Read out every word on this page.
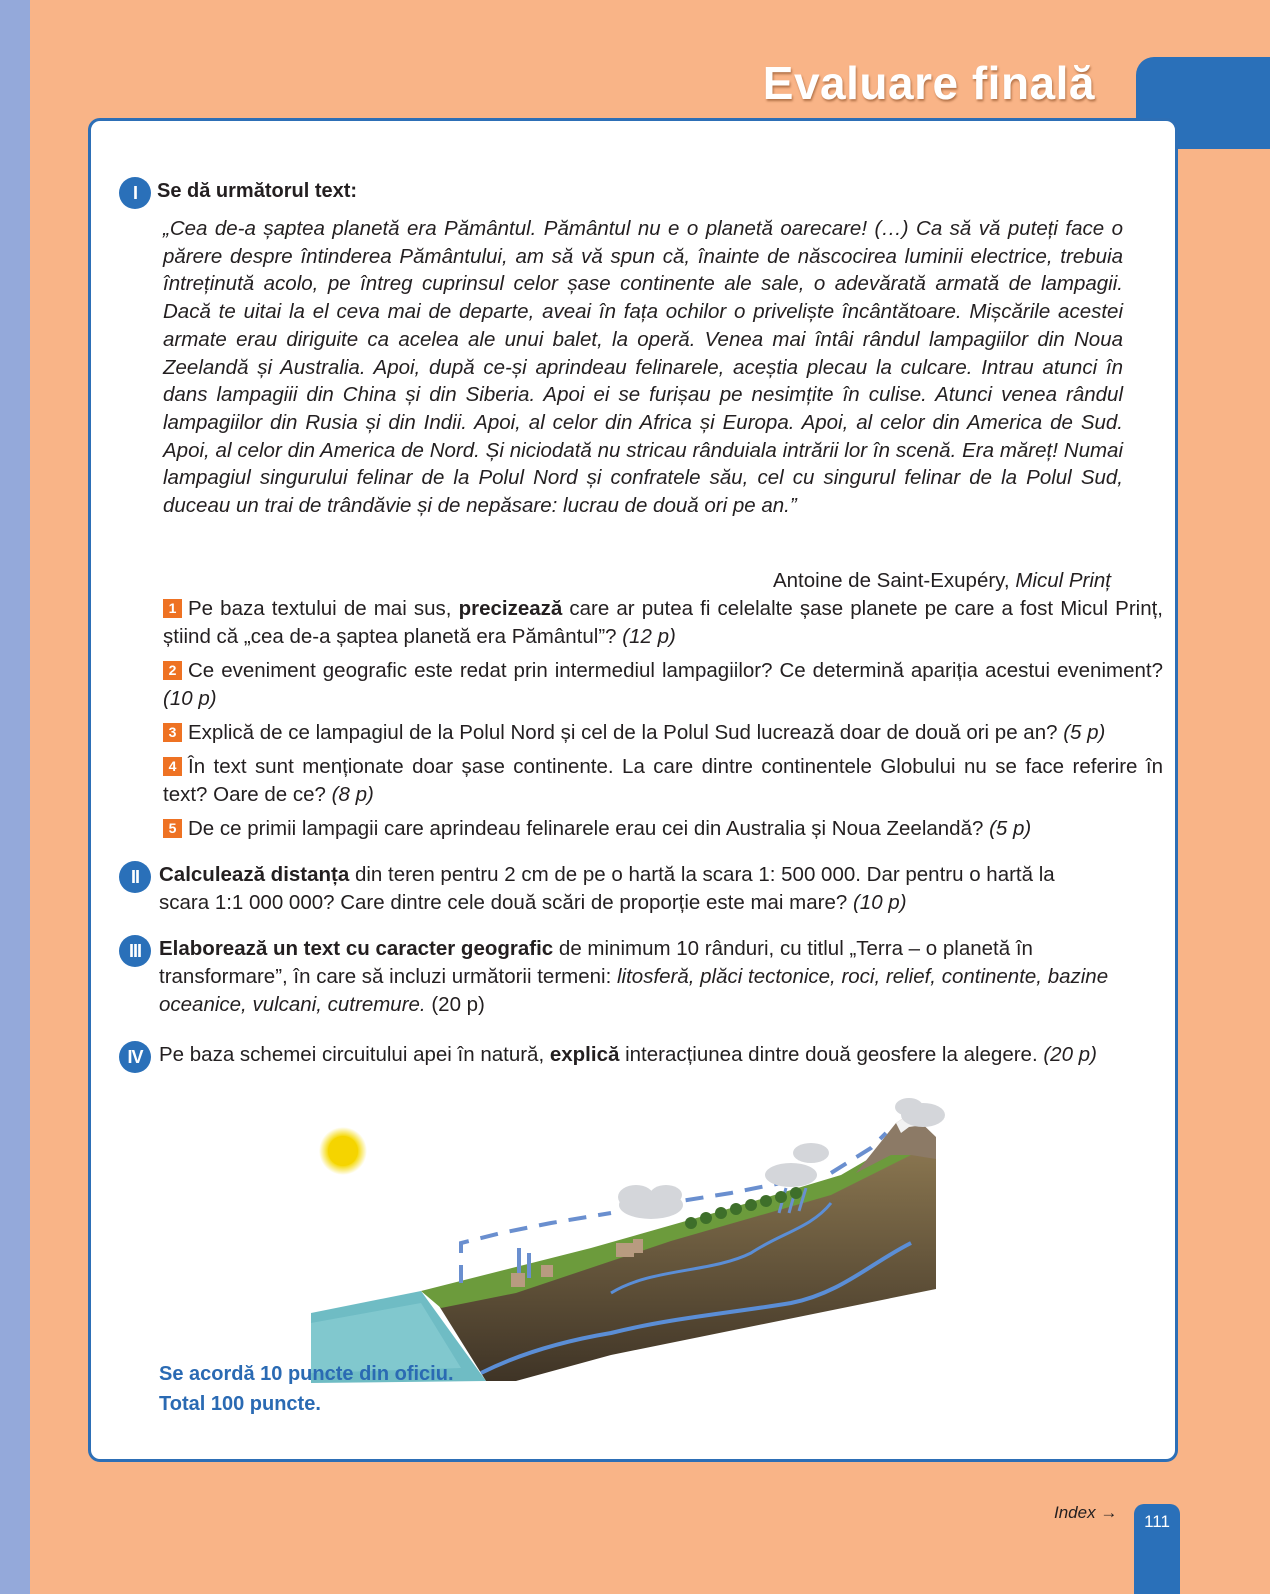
Evaluare finală
I	Se dă următorul text:

„Cea de-a șaptea planetă era Pământul. Pământul nu e o planetă oarecare! (…) Ca să vă puteți face o părere despre întinderea Pământului, am să vă spun că, înainte de născocirea luminii electrice, trebuia întreținută acolo, pe întreg cuprinsul celor șase continente ale sale, o adevărată armată de lampagii. Dacă te uitai la el ceva mai de departe, aveai în fața ochilor o priveliște încântătoare. Mișcările acestei armate erau diriguite ca acelea ale unui balet, la operă. Venea mai întâi rândul lampagiilor din Noua Zeelandă și Australia. Apoi, după ce-și aprindeau felinarele, aceștia plecau la culcare. Intrau atunci în dans lampagiii din China și din Siberia. Apoi ei se furișau pe nesimțite în culise. Atunci venea rândul lampagiilor din Rusia și din Indii. Apoi, al celor din Africa și Europa. Apoi, al celor din America de Sud. Apoi, al celor din America de Nord. Și niciodată nu stricau rânduiala intrării lor în scenă. Era măreț! Numai lampagiul singurului felinar de la Polul Nord și confratele său, cel cu singurul felinar de la Polul Sud, duceau un trai de trândăvie și de nepăsare: lucrau de două ori pe an.”

Antoine de Saint-Exupéry, Micul Prinț

1 Pe baza textului de mai sus, precizează care ar putea fi celelalte șase planete pe care a fost Micul Prinț, știind că „cea de-a șaptea planetă era Pământul”? (12 p)

2 Ce eveniment geografic este redat prin intermediul lampagiilor? Ce determină apariția acestui eveniment? (10 p)

3 Explică de ce lampagiul de la Polul Nord și cel de la Polul Sud lucrează doar de două ori pe an? (5 p)

4 În text sunt menționate doar șase continente. La care dintre continentele Globului nu se face referire în text? Oare de ce? (8 p)

5 De ce primii lampagii care aprindeau felinarele erau cei din Australia și Noua Zeelandă? (5 p)

II Calculează distanța din teren pentru 2 cm de pe o hartă la scara 1: 500 000. Dar pentru o hartă la scara 1:1 000 000? Care dintre cele două scări de proporție este mai mare? (10 p)

III Elaborează un text cu caracter geografic de minimum 10 rânduri, cu titlul „Terra – o planetă în transformare”, în care să incluzi următorii termeni: litosferă, plăci tectonice, roci, relief, continente, bazine oceanice, vulcani, cutremure. (20 p)

IV Pe baza schemei circuitului apei în natură, explică interacțiunea dintre două geosfere la alegere. (20 p)

Se acordă 10 puncte din oficiu.
Total 100 puncte.
Index →	111
